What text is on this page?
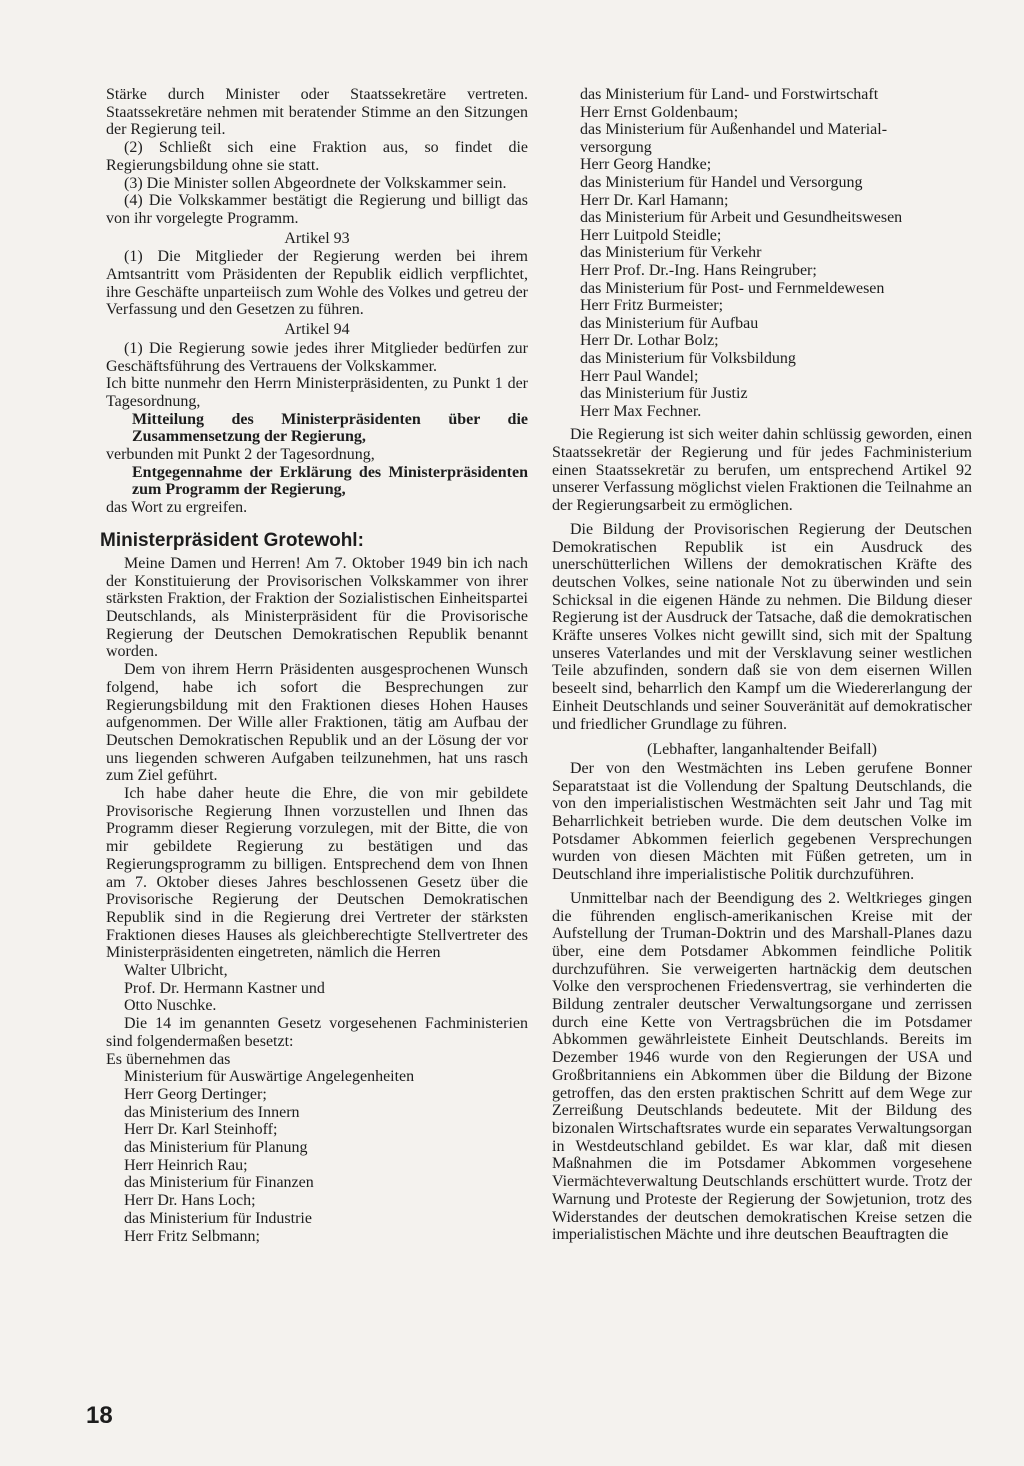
Stärke durch Minister oder Staatssekretäre vertreten. Staatssekretäre nehmen mit beratender Stimme an den Sitzungen der Regierung teil.

(2) Schließt sich eine Fraktion aus, so findet die Regierungsbildung ohne sie statt.

(3) Die Minister sollen Abgeordnete der Volkskammer sein.

(4) Die Volkskammer bestätigt die Regierung und billigt das von ihr vorgelegte Programm.

Artikel 93

(1) Die Mitglieder der Regierung werden bei ihrem Amtsantritt vom Präsidenten der Republik eidlich verpflichtet, ihre Geschäfte unparteiisch zum Wohle des Volkes und getreu der Verfassung und den Gesetzen zu führen.

Artikel 94

(1) Die Regierung sowie jedes ihrer Mitglieder bedürfen zur Geschäftsführung des Vertrauens der Volkskammer.

Ich bitte nunmehr den Herrn Ministerpräsidenten, zu Punkt 1 der Tagesordnung,

Mitteilung des Ministerpräsidenten über die Zusammensetzung der Regierung,

verbunden mit Punkt 2 der Tagesordnung,

Entgegennahme der Erklärung des Ministerpräsidenten zum Programm der Regierung,

das Wort zu ergreifen.

Ministerpräsident Grotewohl:

Meine Damen und Herren! Am 7. Oktober 1949 bin ich nach der Konstituierung der Provisorischen Volkskammer von ihrer stärksten Fraktion, der Fraktion der Sozialistischen Einheitspartei Deutschlands, als Ministerpräsident für die Provisorische Regierung der Deutschen Demokratischen Republik benannt worden.

Dem von ihrem Herrn Präsidenten ausgesprochenen Wunsch folgend, habe ich sofort die Besprechungen zur Regierungsbildung mit den Fraktionen dieses Hohen Hauses aufgenommen. Der Wille aller Fraktionen, tätig am Aufbau der Deutschen Demokratischen Republik und an der Lösung der vor uns liegenden schweren Aufgaben teilzunehmen, hat uns rasch zum Ziel geführt.

Ich habe daher heute die Ehre, die von mir gebildete Provisorische Regierung Ihnen vorzustellen und Ihnen das Programm dieser Regierung vorzulegen, mit der Bitte, die von mir gebildete Regierung zu bestätigen und das Regierungsprogramm zu billigen. Entsprechend dem von Ihnen am 7. Oktober dieses Jahres beschlossenen Gesetz über die Provisorische Regierung der Deutschen Demokratischen Republik sind in die Regierung drei Vertreter der stärksten Fraktionen dieses Hauses als gleichberechtigte Stellvertreter des Ministerpräsidenten eingetreten, nämlich die Herren

Walter Ulbricht,
Prof. Dr. Hermann Kastner und
Otto Nuschke.

Die 14 im genannten Gesetz vorgesehenen Fachministerien sind folgendermaßen besetzt:

Es übernehmen das

Ministerium für Auswärtige Angelegenheiten
Herr Georg Dertinger;
das Ministerium des Innern
Herr Dr. Karl Steinhoff;
das Ministerium für Planung
Herr Heinrich Rau;
das Ministerium für Finanzen
Herr Dr. Hans Loch;
das Ministerium für Industrie
Herr Fritz Selbmann;
das Ministerium für Land- und Forstwirtschaft
Herr Ernst Goldenbaum;
das Ministerium für Außenhandel und Material-
versorgung
Herr Georg Handke;
das Ministerium für Handel und Versorgung
Herr Dr. Karl Hamann;
das Ministerium für Arbeit und Gesundheitswesen
Herr Luitpold Steidle;
das Ministerium für Verkehr
Herr Prof. Dr.-Ing. Hans Reingruber;
das Ministerium für Post- und Fernmeldewesen
Herr Fritz Burmeister;
das Ministerium für Aufbau
Herr Dr. Lothar Bolz;
das Ministerium für Volksbildung
Herr Paul Wandel;
das Ministerium für Justiz
Herr Max Fechner.

Die Regierung ist sich weiter dahin schlüssig geworden, einen Staatssekretär der Regierung und für jedes Fachministerium einen Staatssekretär zu berufen, um entsprechend Artikel 92 unserer Verfassung möglichst vielen Fraktionen die Teilnahme an der Regierungsarbeit zu ermöglichen.

Die Bildung der Provisorischen Regierung der Deutschen Demokratischen Republik ist ein Ausdruck des unerschütterlichen Willens der demokratischen Kräfte des deutschen Volkes, seine nationale Not zu überwinden und sein Schicksal in die eigenen Hände zu nehmen. Die Bildung dieser Regierung ist der Ausdruck der Tatsache, daß die demokratischen Kräfte unseres Volkes nicht gewillt sind, sich mit der Spaltung unseres Vaterlandes und mit der Versklavung seiner westlichen Teile abzufinden, sondern daß sie von dem eisernen Willen beseelt sind, beharrlich den Kampf um die Wiedererlangung der Einheit Deutschlands und seiner Souveränität auf demokratischer und friedlicher Grundlage zu führen.

(Lebhafter, langanhaltender Beifall)

Der von den Westmächten ins Leben gerufene Bonner Separatstaat ist die Vollendung der Spaltung Deutschlands, die von den imperialistischen Westmächten seit Jahr und Tag mit Beharrlichkeit betrieben wurde. Die dem deutschen Volke im Potsdamer Abkommen feierlich gegebenen Versprechungen wurden von diesen Mächten mit Füßen getreten, um in Deutschland ihre imperialistische Politik durchzuführen.

Unmittelbar nach der Beendigung des 2. Weltkrieges gingen die führenden englisch-amerikanischen Kreise mit der Aufstellung der Truman-Doktrin und des Marshall-Planes dazu über, eine dem Potsdamer Abkommen feindliche Politik durchzuführen. Sie verweigerten hartnäckig dem deutschen Volke den versprochenen Friedensvertrag, sie verhinderten die Bildung zentraler deutscher Verwaltungsorgane und zerrissen durch eine Kette von Vertragsbrüchen die im Potsdamer Abkommen gewährleistete Einheit Deutschlands. Bereits im Dezember 1946 wurde von den Regierungen der USA und Großbritanniens ein Abkommen über die Bildung der Bizone getroffen, das den ersten praktischen Schritt auf dem Wege zur Zerreißung Deutschlands bedeutete. Mit der Bildung des bizonalen Wirtschaftsrates wurde ein separates Verwaltungsorgan in Westdeutschland gebildet. Es war klar, daß mit diesen Maßnahmen die im Potsdamer Abkommen vorgesehene Viermächteverwaltung Deutschlands erschüttert wurde. Trotz der Warnung und Proteste der Regierung der Sowjetunion, trotz des Widerstandes der deutschen demokratischen Kreise setzen die imperialistischen Mächte und ihre deutschen Beauftragten die

18
